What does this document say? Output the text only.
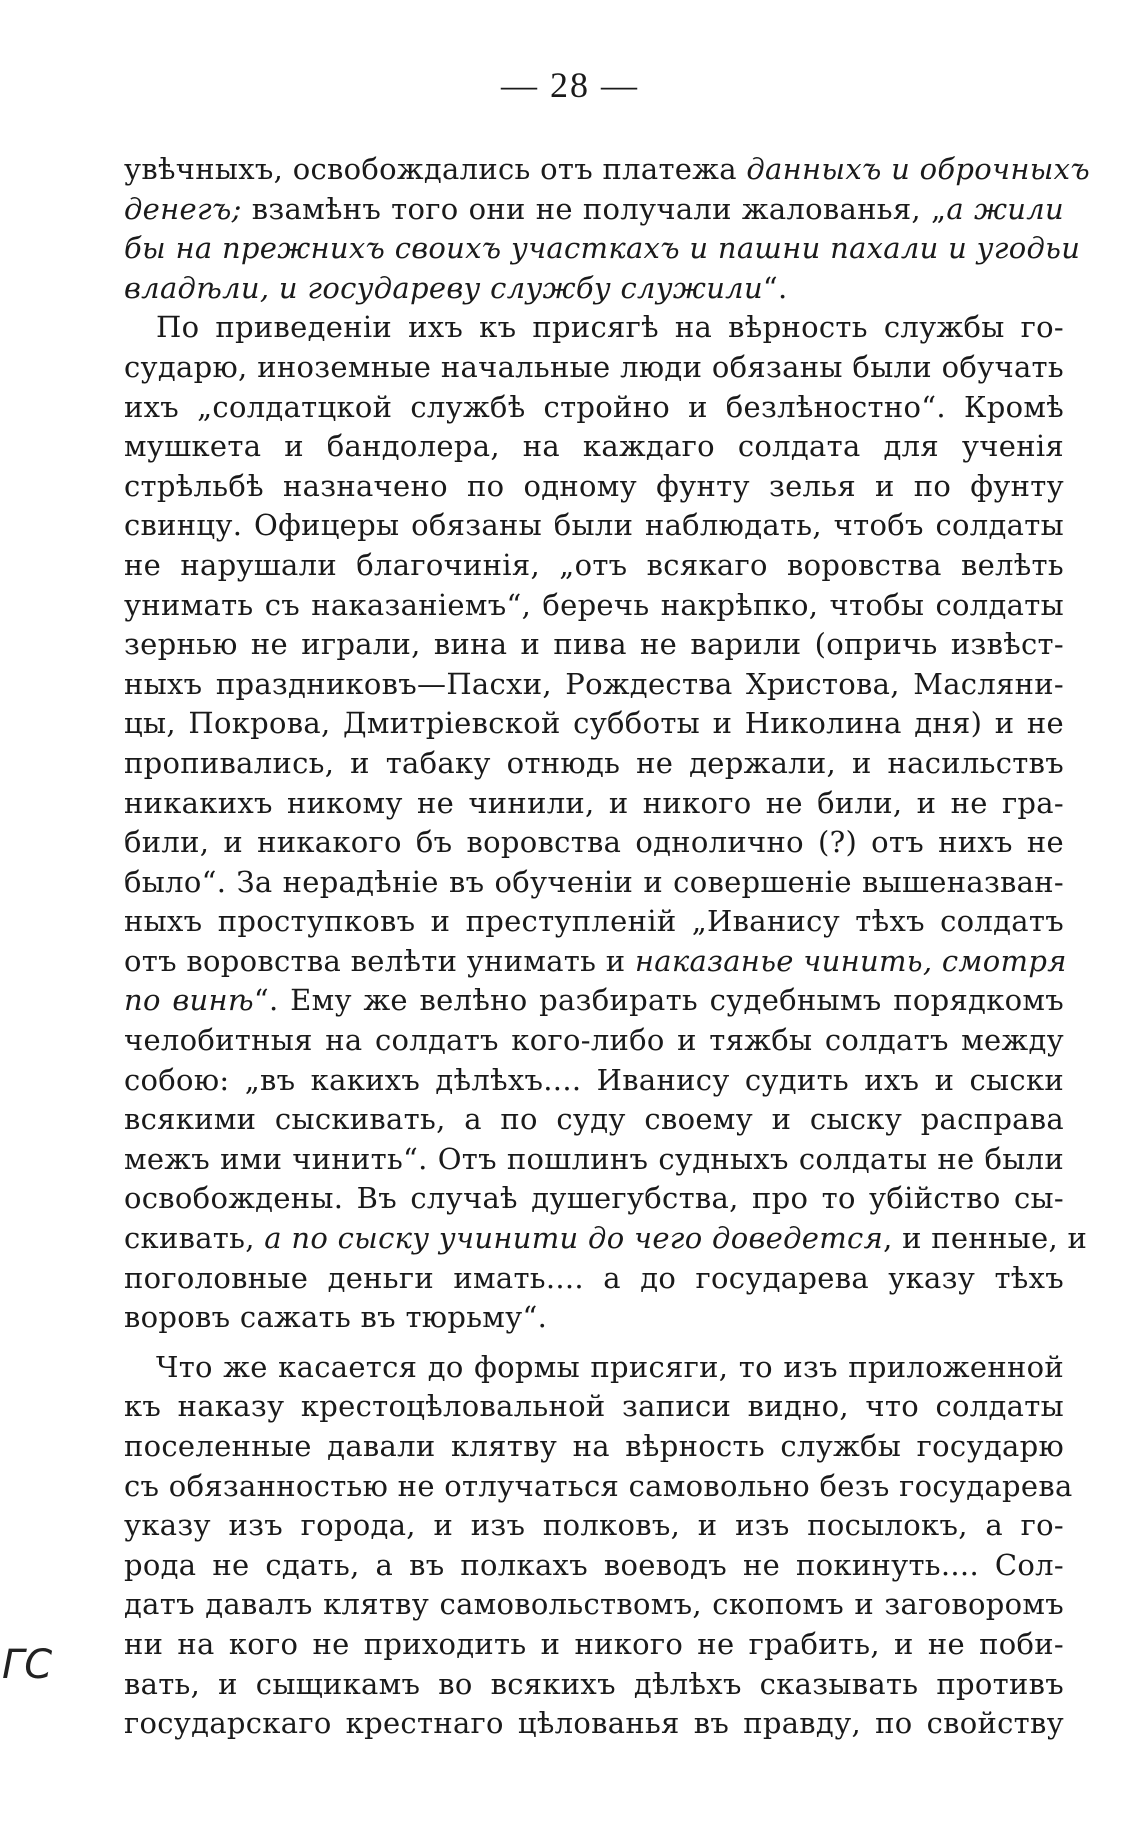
— 28 —
увѣчныхъ, освобождались отъ платежа данныхъ и оброчныхъ
денегъ; взамѣнъ того они не получали жалованья, „а жили
бы на прежнихъ своихъ участкахъ и пашни пахали и угодьи
владѣли, и государеву службу служили“.
По приведеніи ихъ къ присягѣ на вѣрность службы го-
сударю, иноземные начальные люди обязаны были обучать
ихъ „солдатцкой службѣ стройно и безлѣностно“. Кромѣ
мушкета и бандолера, на каждаго солдата для ученія
стрѣльбѣ назначено по одному фунту зелья и по фунту
свинцу. Офицеры обязаны были наблюдать, чтобъ солдаты
не нарушали благочинія, „отъ всякаго воровства велѣть
унимать съ наказаніемъ“, беречь накрѣпко, чтобы солдаты
зернью не играли, вина и пива не варили (опричь извѣст-
ныхъ праздниковъ—Пасхи, Рождества Христова, Масляни-
цы, Покрова, Дмитріевской субботы и Николина дня) и не
пропивались, и табаку отнюдь не держали, и насильствъ
никакихъ никому не чинили, и никого не били, и не гра-
били, и никакого бъ воровства однолично (?) отъ нихъ не
было“. За нерадѣніе въ обученіи и совершеніе вышеназван-
ныхъ проступковъ и преступленій „Иванису тѣхъ солдатъ
отъ воровства велѣти унимать и наказанье чинить, смотря
по винѣ“. Ему же велѣно разбирать судебнымъ порядкомъ
челобитныя на солдатъ кого-либо и тяжбы солдатъ между
собою: „въ какихъ дѣлѣхъ.... Иванису судить ихъ и сыски
всякими сыскивать, а по суду своему и сыску расправа
межъ ими чинить“. Отъ пошлинъ судныхъ солдаты не были
освобождены. Въ случаѣ душегубства, про то убійство сы-
скивать, а по сыску учинити до чего доведется, и пенные, и
поголовные деньги имать.... а до государева указу тѣхъ
воровъ сажать въ тюрьму“.
Что же касается до формы присяги, то изъ приложенной
къ наказу крестоцѣловальной записи видно, что солдаты
поселенные давали клятву на вѣрность службы государю
съ обязанностью не отлучаться самовольно безъ государева
указу изъ города, и изъ полковъ, и изъ посылокъ, а го-
рода не сдать, а въ полкахъ воеводъ не покинуть.... Сол-
датъ давалъ клятву самовольствомъ, скопомъ и заговоромъ
ни на кого не приходить и никого не грабить, и не поби-
вать, и сыщикамъ во всякихъ дѣлѣхъ сказывать противъ
государскаго крестнаго цѣлованья въ правду, по свойству
ГС
